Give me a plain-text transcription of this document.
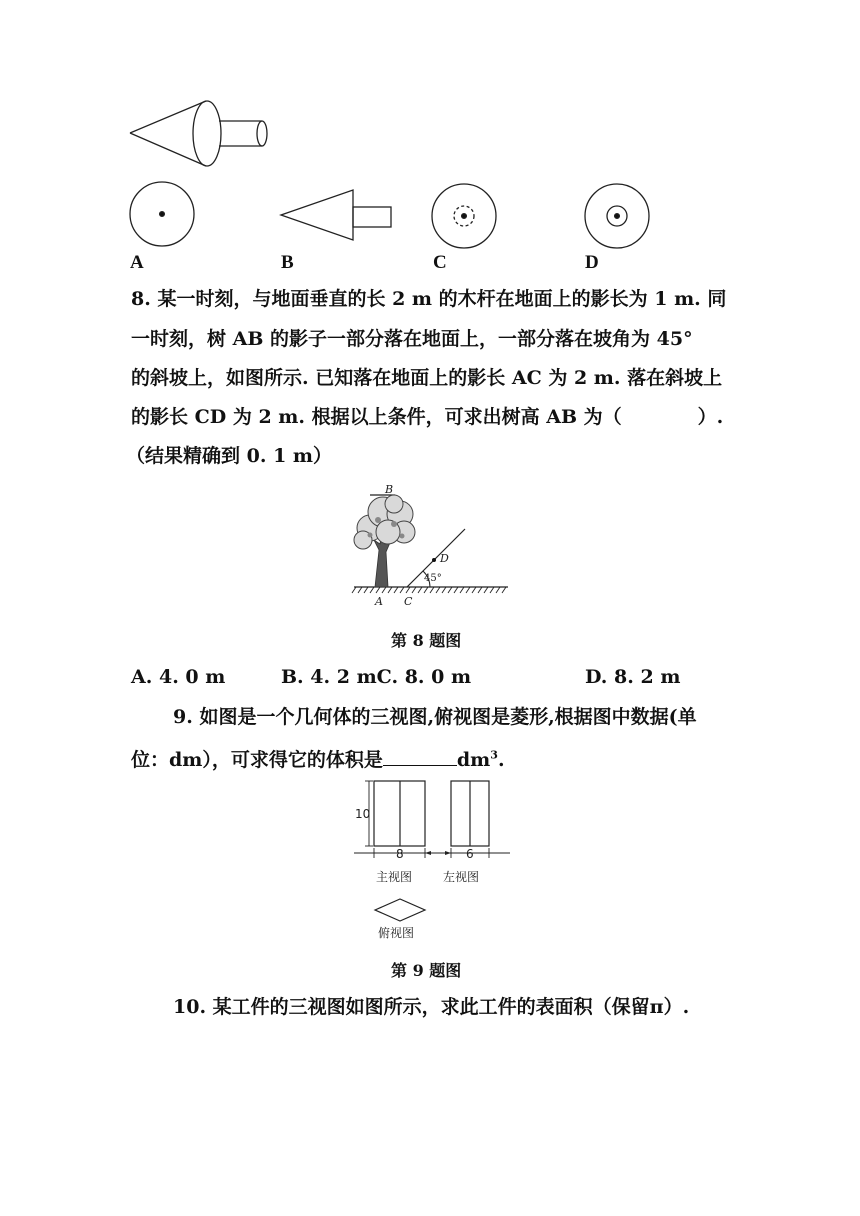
A	B	C	D
8. 某一时刻，与地面垂直的长 2 m 的木杆在地面上的影长为 1 m. 同
一时刻，树 AB 的影子一部分落在地面上，一部分落在坡角为 45°
的斜坡上，如图所示. 已知落在地面上的影长 AC 为 2 m. 落在斜坡上
的影长 CD 为 2 m. 根据以上条件，可求出树高 AB 为（　　　　）.
（结果精确到 0. 1 m）
B
D
45°
A C
第 8 题图
A. 4. 0 m	B. 4. 2 mC. 8. 0 m	D. 8. 2 m
9. 如图是一个几何体的三视图,俯视图是菱形,根据图中数据(单
位：dm），可求得它的体积是	$dm^3$.
10
8	6
主视图	左视图
俯视图
第 9 题图
10. 某工件的三视图如图所示，求此工件的表面积（保留π）.
